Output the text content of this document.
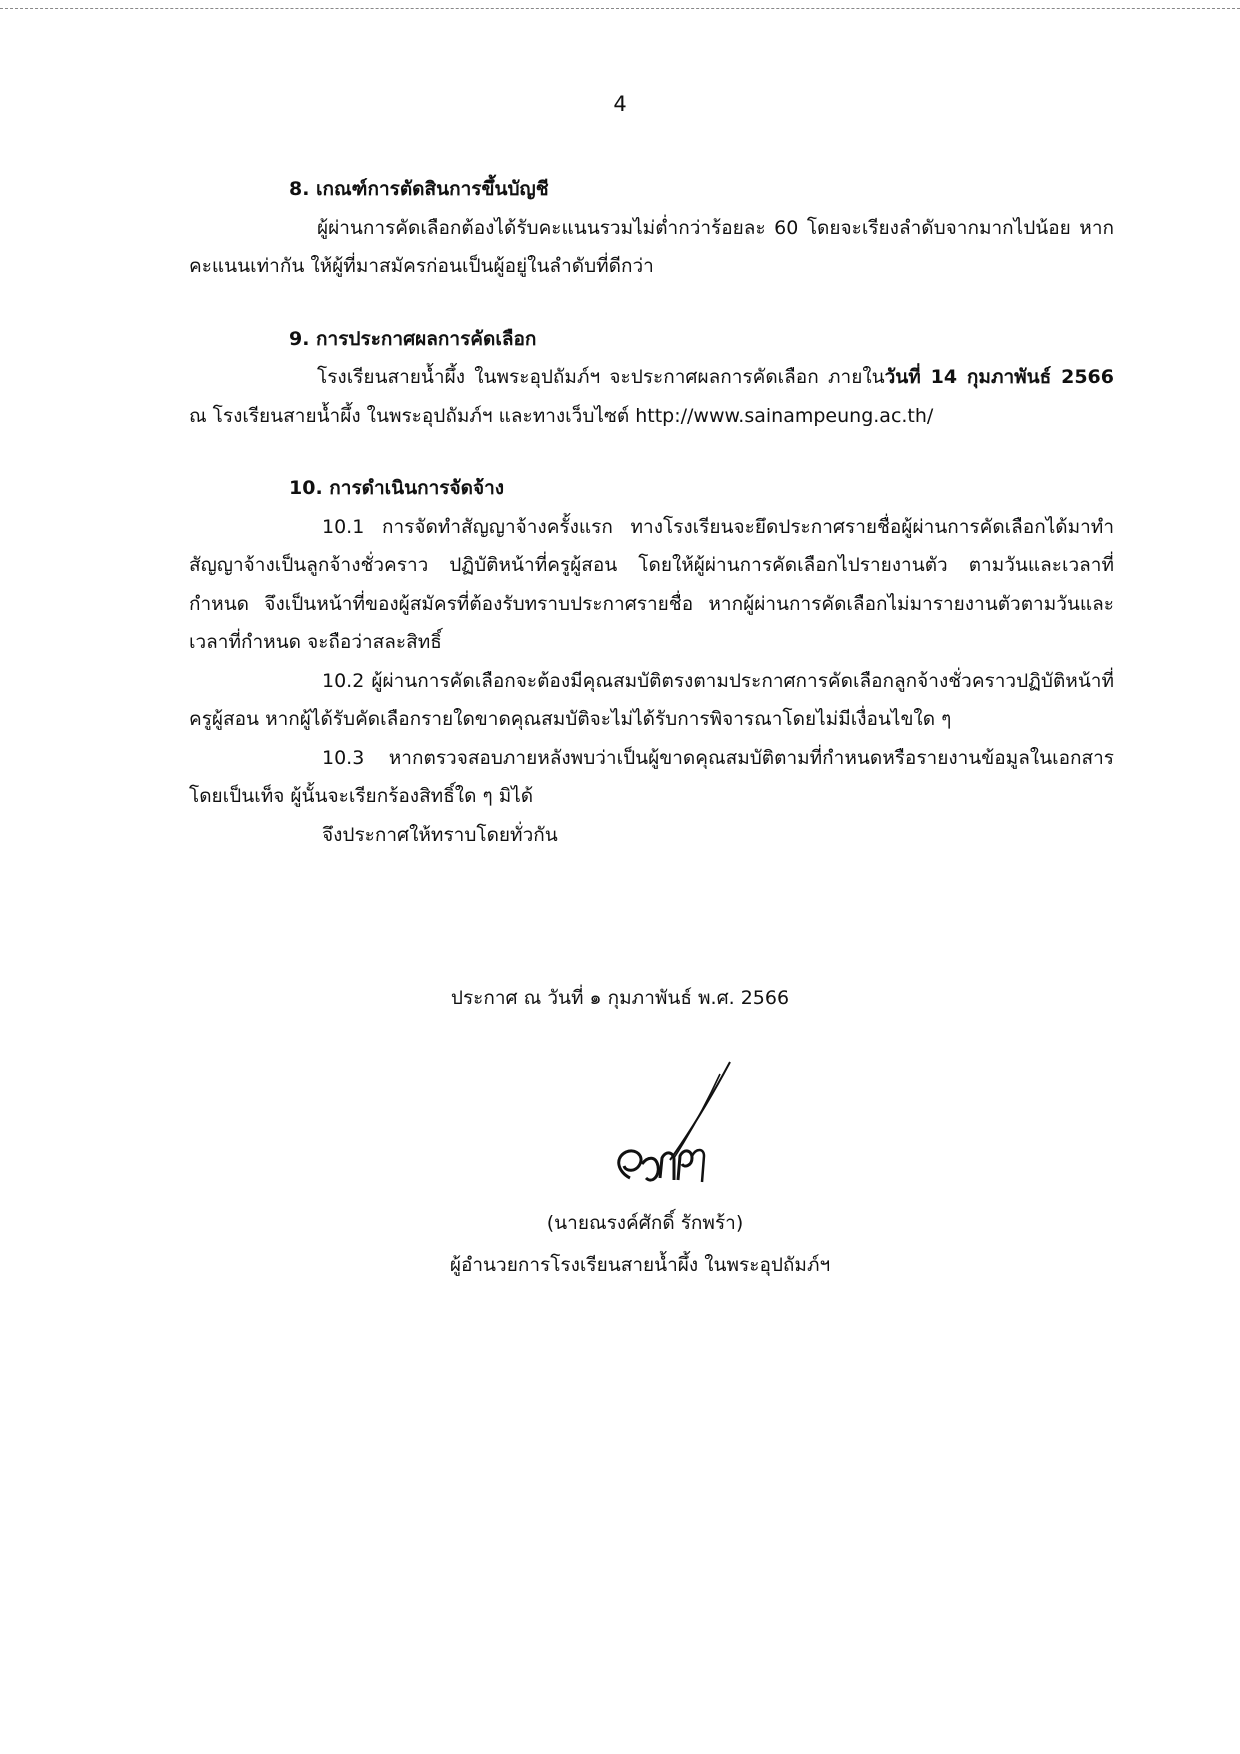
4

8. เกณฑ์การตัดสินการขึ้นบัญชี

ผู้ผ่านการคัดเลือกต้องได้รับคะแนนรวมไม่ต่ำกว่าร้อยละ 60 โดยจะเรียงลำดับจากมากไปน้อย หากคะแนนเท่ากัน ให้ผู้ที่มาสมัครก่อนเป็นผู้อยู่ในลำดับที่ดีกว่า

9. การประกาศผลการคัดเลือก

โรงเรียนสายน้ำผึ้ง ในพระอุปถัมภ์ฯ จะประกาศผลการคัดเลือก ภายในวันที่ 14 กุมภาพันธ์ 2566 ณ โรงเรียนสายน้ำผึ้ง ในพระอุปถัมภ์ฯ และทางเว็บไซต์ http://www.sainampeung.ac.th/

10. การดำเนินการจัดจ้าง

10.1 การจัดทำสัญญาจ้างครั้งแรก ทางโรงเรียนจะยึดประกาศรายชื่อผู้ผ่านการคัดเลือกได้มาทำสัญญาจ้างเป็นลูกจ้างชั่วคราว ปฏิบัติหน้าที่ครูผู้สอน โดยให้ผู้ผ่านการคัดเลือกไปรายงานตัว ตามวันและเวลาที่กำหนด จึงเป็นหน้าที่ของผู้สมัครที่ต้องรับทราบประกาศรายชื่อ หากผู้ผ่านการคัดเลือกไม่มารายงานตัวตามวันและเวลาที่กำหนด จะถือว่าสละสิทธิ์

10.2 ผู้ผ่านการคัดเลือกจะต้องมีคุณสมบัติตรงตามประกาศการคัดเลือกลูกจ้างชั่วคราวปฏิบัติหน้าที่ครูผู้สอน หากผู้ได้รับคัดเลือกรายใดขาดคุณสมบัติจะไม่ได้รับการพิจารณาโดยไม่มีเงื่อนไขใด ๆ

10.3 หากตรวจสอบภายหลังพบว่าเป็นผู้ขาดคุณสมบัติตามที่กำหนดหรือรายงานข้อมูลในเอกสารโดยเป็นเท็จ ผู้นั้นจะเรียกร้องสิทธิ์ใด ๆ มิได้

จึงประกาศให้ทราบโดยทั่วกัน

ประกาศ ณ วันที่ ๑ กุมภาพันธ์ พ.ศ. 2566
(นายณรงค์ศักดิ์ รักพร้า)
ผู้อำนวยการโรงเรียนสายน้ำผึ้ง ในพระอุปถัมภ์ฯ
